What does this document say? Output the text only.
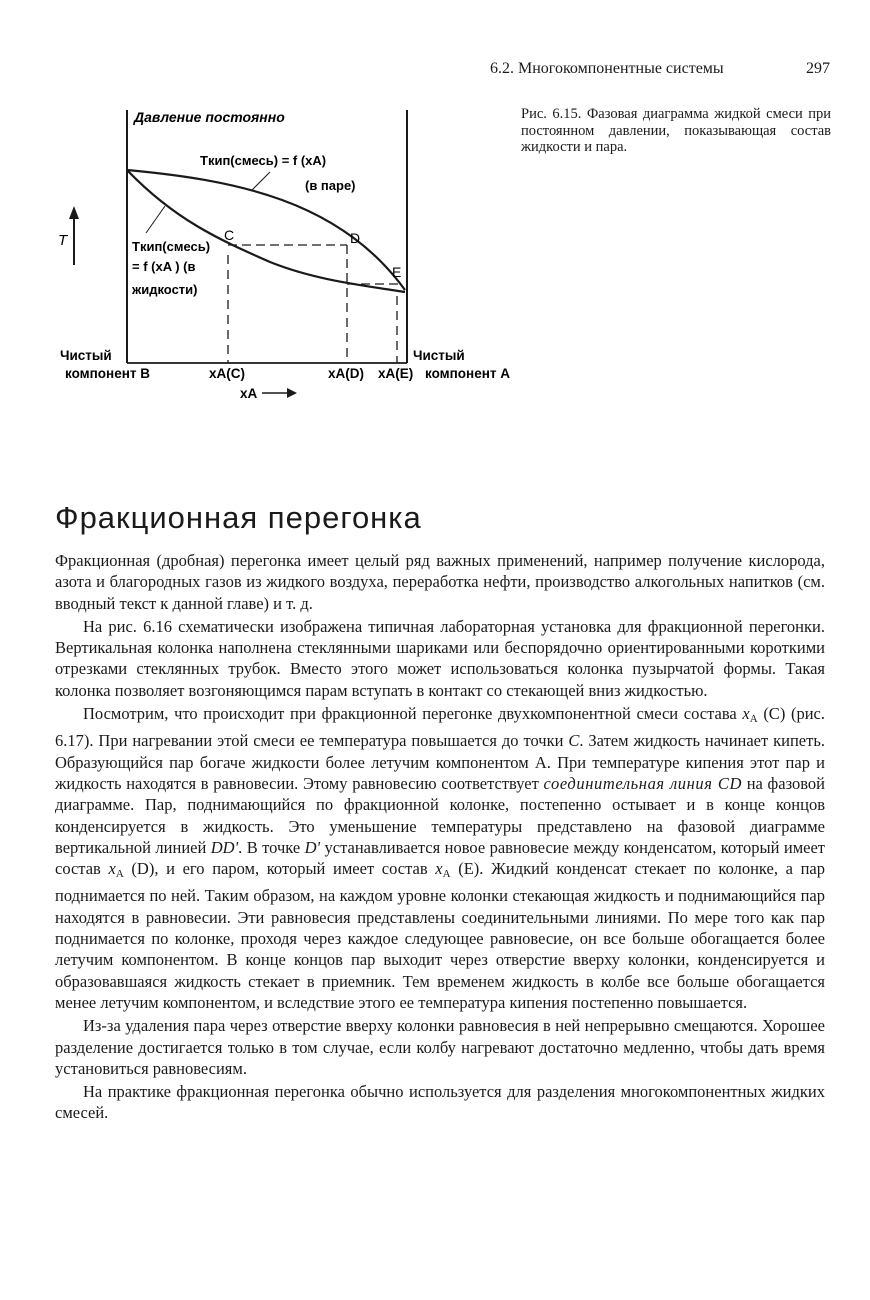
6.2. Многокомпонентные системы	297
T
Давление постоянно
Tкип(смесь) = f (xA)
(в паре)
Tкип(смесь)
= f (xA ) (в
жидкости)
C	D
E
Чистый
компонент B
Чистый
xA(C)	xA(D) xA(E) компонент A
xA
Рис. 6.15. Фазовая диаграмма жидкой смеси при постоянном давлении, показывающая состав жидкости и пара.
Фракционная перегонка

Фракционная (дробная) перегонка имеет целый ряд важных применений, например получение кислорода, азота и благородных газов из жидкого воздуха, переработка нефти, производство алкогольных напитков (см. вводный текст к данной главе) и т. д.

На рис. 6.16 схематически изображена типичная лабораторная установка для фракционной перегонки. Вертикальная колонка наполнена стеклянными шариками или беспорядочно ориентированными короткими отрезками стеклянных трубок. Вместо этого может использоваться колонка пузырчатой формы. Такая колонка позволяет возгоняющимся парам вступать в контакт со стекающей вниз жидкостью.

Посмотрим, что происходит при фракционной перегонке двухкомпонентной смеси состава $x_A$ (C) (рис. 6.17). При нагревании этой смеси ее температура повышается до точки C. Затем жидкость начинает кипеть. Образующийся пар богаче жидкости более летучим компонентом А. При температуре кипения этот пар и жидкость находятся в равновесии. Этому равновесию соответствует соединительная линия CD на фазовой диаграмме. Пар, поднимающийся по фракционной колонке, постепенно остывает и в конце концов конденсируется в жидкость. Это уменьшение температуры представлено на фазовой диаграмме вертикальной линией DD'. В точке D' устанавливается новое равновесие между конденсатом, который имеет состав $x_A$ (D), и его паром, который имеет состав $x_A$ (E). Жидкий конденсат стекает по колонке, а пар поднимается по ней. Таким образом, на каждом уровне колонки стекающая жидкость и поднимающийся пар находятся в равновесии. Эти равновесия представлены соединительными линиями. По мере того как пар поднимается по колонке, проходя через каждое следующее равновесие, он все больше обогащается более летучим компонентом. В конце концов пар выходит через отверстие вверху колонки, конденсируется и образовавшаяся жидкость стекает в приемник. Тем временем жидкость в колбе все больше обогащается менее летучим компонентом, и вследствие этого ее температура кипения постепенно повышается.

Из-за удаления пара через отверстие вверху колонки равновесия в ней непрерывно смещаются. Хорошее разделение достигается только в том случае, если колбу нагревают достаточно медленно, чтобы дать время установиться равновесиям.

На практике фракционная перегонка обычно используется для разделения многокомпонентных жидких смесей.
